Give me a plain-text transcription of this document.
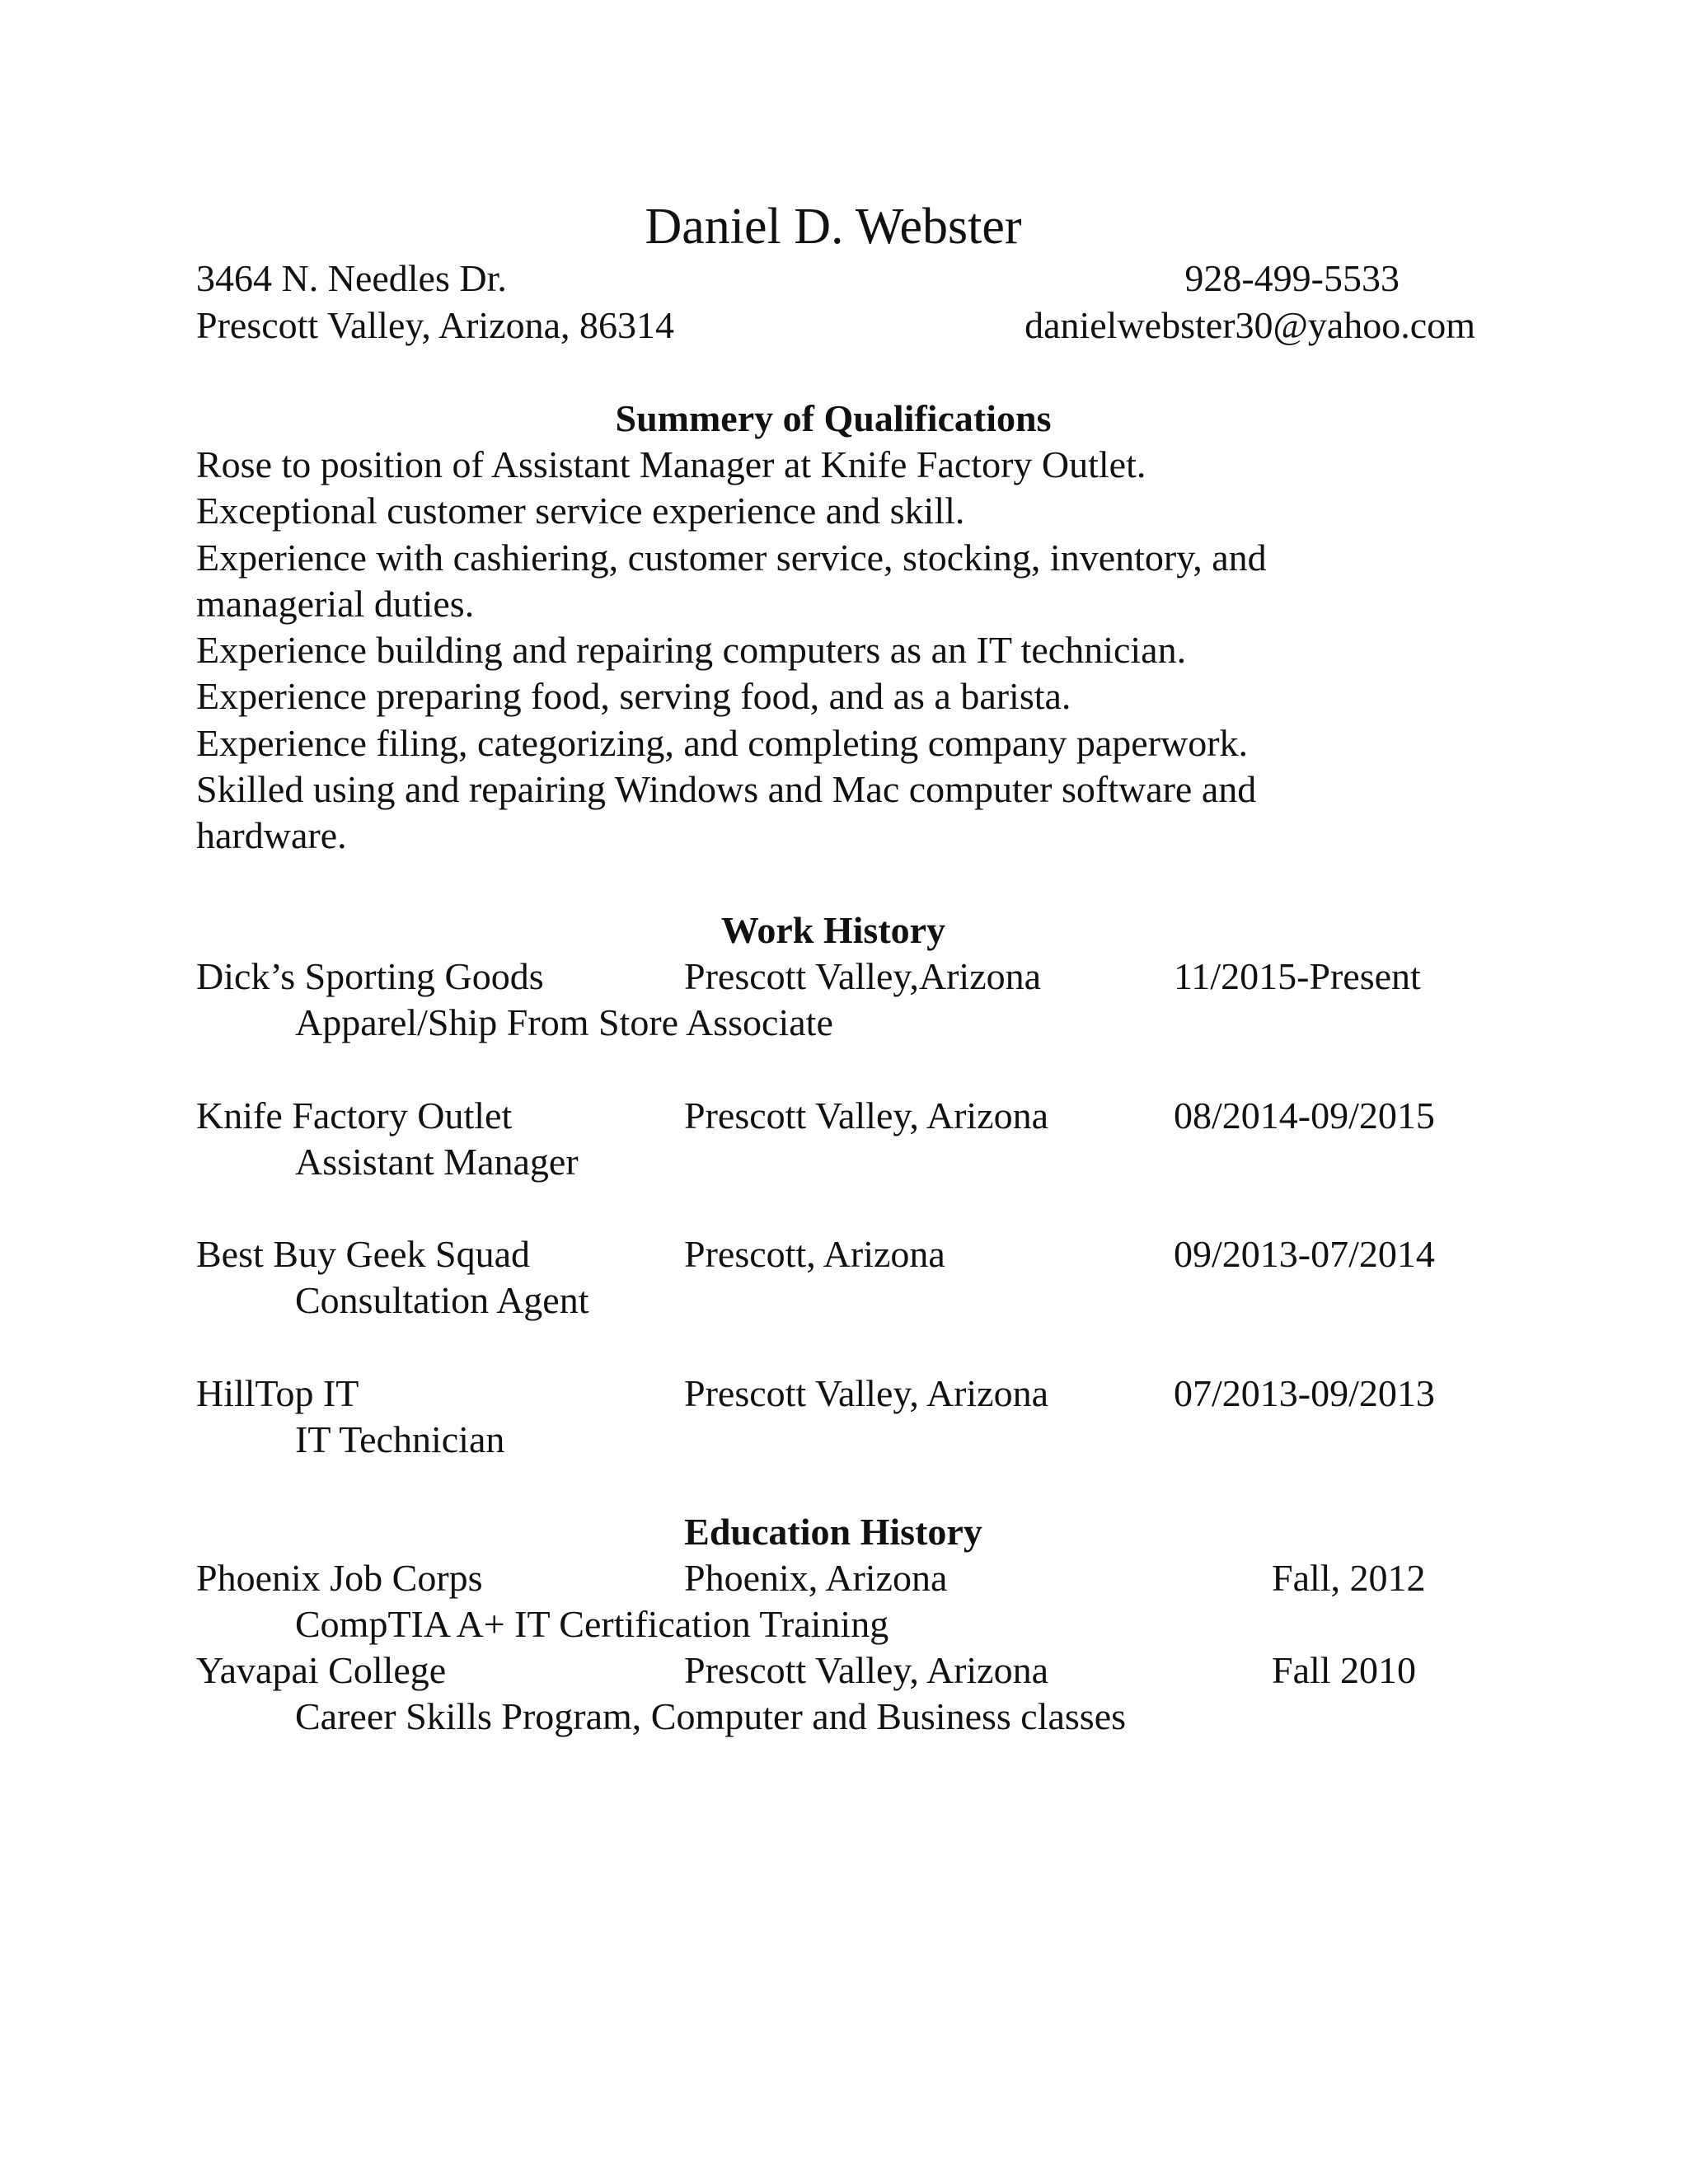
Daniel D. Webster
3464 N. Needles Dr.	928-499-5533
Prescott Valley, Arizona, 86314	danielwebster30@yahoo.com
Summery of Qualifications
Rose to position of Assistant Manager at Knife Factory Outlet.
Exceptional customer service experience and skill.
Experience with cashiering, customer service, stocking, inventory, and
managerial duties.
Experience building and repairing computers as an IT technician.
Experience preparing food, serving food, and as a barista.
Experience filing, categorizing, and completing company paperwork.
Skilled using and repairing Windows and Mac computer software and
hardware.
Work History
Dick’s Sporting Goods	Prescott Valley,Arizona	11/2015-Present
Apparel/Ship From Store Associate
Knife Factory Outlet	Prescott Valley, Arizona	08/2014-09/2015
Assistant Manager
Best Buy Geek Squad	Prescott, Arizona	09/2013-07/2014
Consultation Agent
HillTop IT	Prescott Valley, Arizona	07/2013-09/2013
IT Technician
Education History
Phoenix Job Corps	Phoenix, Arizona	Fall, 2012
CompTIA A+ IT Certification Training
Yavapai College	Prescott Valley, Arizona	Fall 2010
Career Skills Program, Computer and Business classes
